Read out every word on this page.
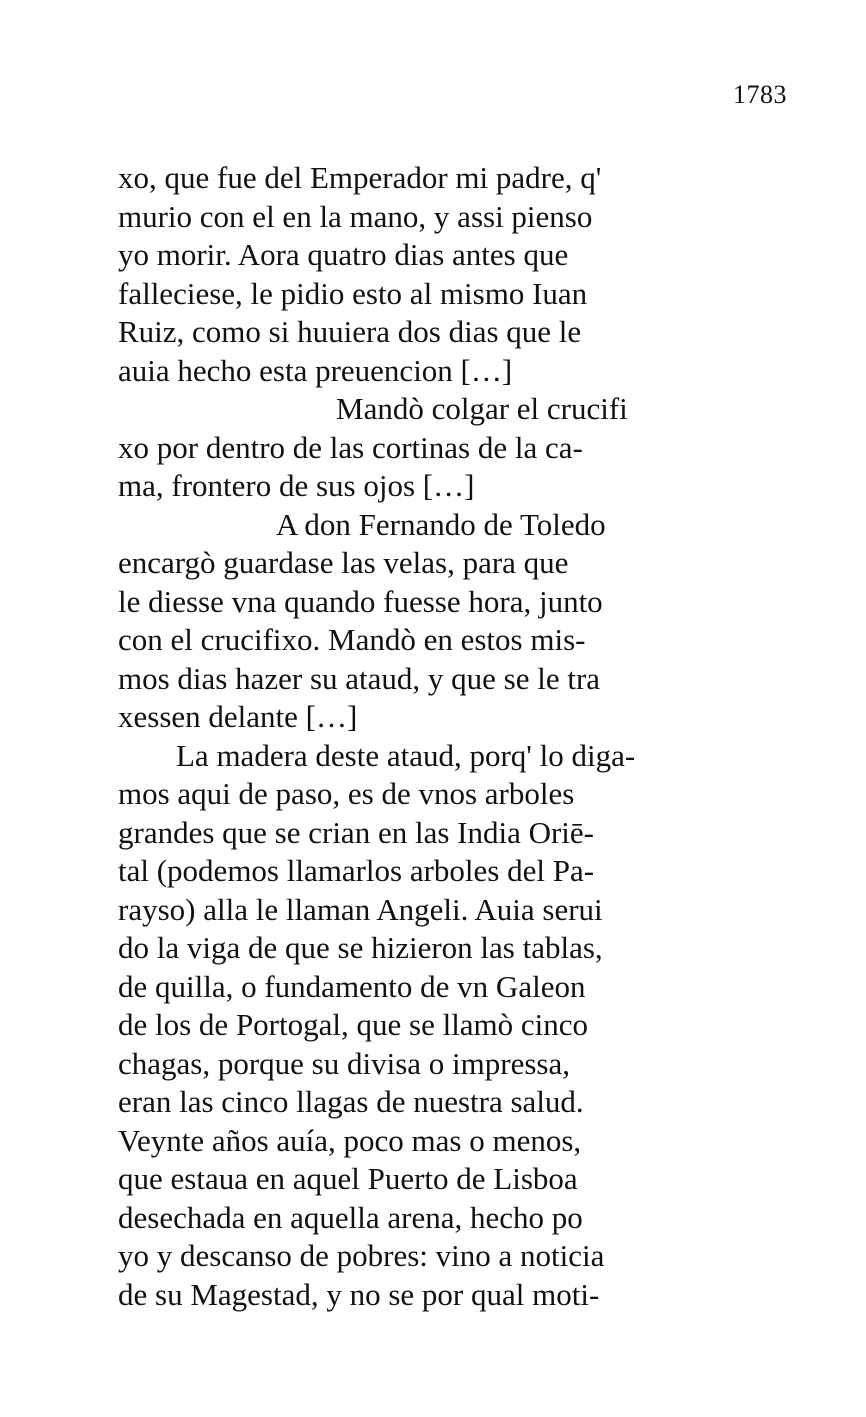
1783
xo, que fue del Emperador mi padre, q'
murio con el en la mano, y assi pienso
yo morir. Aora quatro dias antes que
falleciese, le pidio esto al mismo Iuan
Ruiz, como si huuiera dos dias que le
auia hecho esta preuencion […]
Mandò colgar el crucifi
xo por dentro de las cortinas de la ca-
ma, frontero de sus ojos […]
A don Fernando de Toledo
encargò guardase las velas, para que
le diesse vna quando fuesse hora, junto
con el crucifixo. Mandò en estos mis-
mos dias hazer su ataud, y que se le tra
xessen delante […]
La madera deste ataud, porq' lo diga-
mos aqui de paso, es de vnos arboles
grandes que se crian en las India Oriē-
tal (podemos llamarlos arboles del Pa-
rayso) alla le llaman Angeli. Auia serui
do la viga de que se hizieron las tablas,
de quilla, o fundamento de vn Galeon
de los de Portogal, que se llamò cinco
chagas, porque su divisa o impressa,
eran las cinco llagas de nuestra salud.
Veynte años auía, poco mas o menos,
que estaua en aquel Puerto de Lisboa
desechada en aquella arena, hecho po
yo y descanso de pobres: vino a noticia
de su Magestad, y no se por qual moti-
